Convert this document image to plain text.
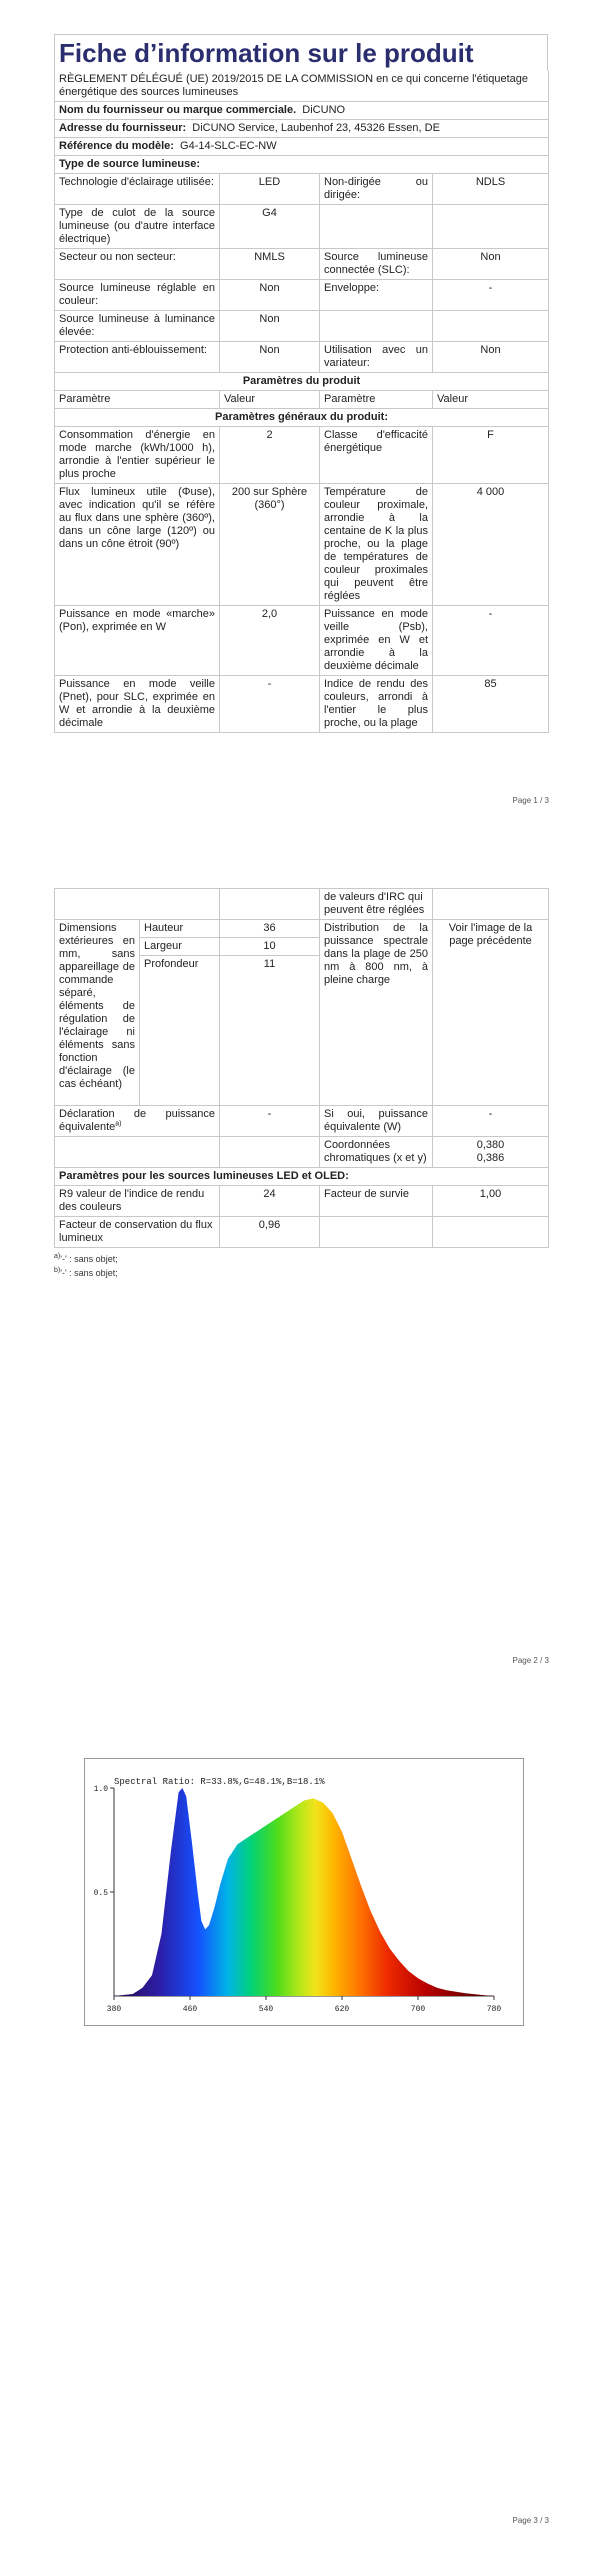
Fiche d’information sur le produit
RÈGLEMENT DÉLÉGUÉ (UE) 2019/2015 DE LA COMMISSION en ce qui concerne l'étiquetage énergétique des sources lumineuses			
Nom du fournisseur ou marque commerciale. DiCUNO			
Adresse du fournisseur: DiCUNO Service, Laubenhof 23, 45326 Essen, DE			
Référence du modèle: G4-14-SLC-EC-NW			
Type de source lumineuse:			
Technologie d'éclairage utilisée:	LED	Non-dirigée ou dirigée:	NDLS
Type de culot de la source lumineuse (ou d'autre interface électrique)	G4		
Secteur ou non secteur:	NMLS	Source lumineuse connectée (SLC):	Non
Source lumineuse réglable en couleur:	Non	Enveloppe:	-
Source lumineuse à luminance élevée:	Non		
Protection anti-éblouissement:	Non	Utilisation avec un variateur:	Non
Paramètres du produit			
Paramètre	Valeur	Paramètre	Valeur
Paramètres généraux du produit:			
Consommation d'énergie en mode marche (kWh/1000 h), arrondie à l'entier supérieur le plus proche	2	Classe d'efficacité énergétique	F
Flux lumineux utile (Φuse), avec indication qu'il se réfère au flux dans une sphère (360º), dans un cône large (120º) ou dans un cône étroit (90º)	200 sur Sphère (360°)	Température de couleur proximale, arrondie à la centaine de K la plus proche, ou la plage de températures de couleur proximales qui peuvent être réglées	4 000
Puissance en mode «marche» (Pon), exprimée en W	2,0	Puissance en mode veille (Psb), exprimée en W et arrondie à la deuxième décimale	-
Puissance en mode veille (Pnet), pour SLC, exprimée en W et arrondie à la deuxième décimale	-	Indice de rendu des couleurs, arrondi à l'entier le plus proche, ou la plage	85
Page 1 / 3
			de valeurs d'IRC qui peuvent être réglées	
Dimensions extérieures en mm, sans appareillage de commande séparé, éléments de régulation de l'éclairage ni éléments sans fonction d'éclairage (le cas échéant)	Hauteur	36	Distribution de la puissance spectrale dans la plage de 250 nm à 800 nm, à pleine charge	Voir l'image de la page précédente
	Largeur	10		
	Profondeur	11		
Déclaration de puissance équivalente$^{a)}$		-	Si oui, puissance équivalente (W)	-
			Coordonnées chromatiques (x et y)	0,380
0,386

Paramètres pour les sources lumineuses LED et OLED:				
R9 valeur de l'indice de rendu des couleurs		24	Facteur de survie	1,00
Facteur de conservation du flux lumineux		0,96		
$^{a)}$'-' : sans objet;
$^{b)}$'-' : sans objet;
Page 2 / 3
380	460	540	620	700	780
0.5
1.0
Spectral Ratio: R=33.8%,G=48.1%,B=18.1%
Page 3 / 3
